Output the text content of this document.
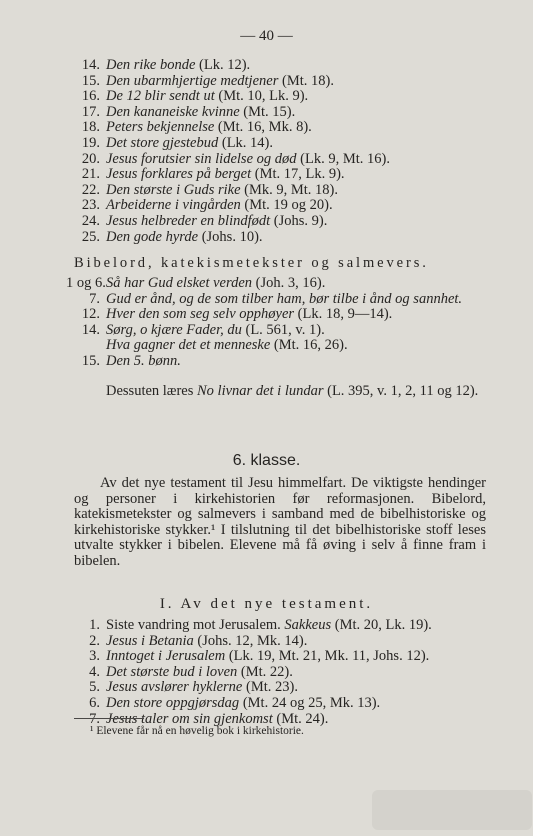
— 40 —
14. Den rike bonde (Lk. 12).
15. Den ubarmhjertige medtjener (Mt. 18).
16. De 12 blir sendt ut (Mt. 10, Lk. 9).
17. Den kananeiske kvinne (Mt. 15).
18. Peters bekjennelse (Mt. 16, Mk. 8).
19. Det store gjestebud (Lk. 14).
20. Jesus forutsier sin lidelse og død (Lk. 9, Mt. 16).
21. Jesus forklares på berget (Mt. 17, Lk. 9).
22. Den største i Guds rike (Mk. 9, Mt. 18).
23. Arbeiderne i vingården (Mt. 19 og 20).
24. Jesus helbreder en blindfødt (Johs. 9).
25. Den gode hyrde (Johs. 10).
Bibelord, katekismetekster og salmevers.
1 og 6. Så har Gud elsket verden (Joh. 3, 16).
7. Gud er ånd, og de som tilber ham, bør tilbe i ånd og sannhet.
12. Hver den som seg selv opphøyer (Lk. 18, 9—14).
14. Sørg, o kjære Fader, du (L. 561, v. 1).
Hva gagner det et menneske (Mt. 16, 26).
15. Den 5. bønn.
Dessuten læres No livnar det i lundar (L. 395, v. 1, 2, 11 og 12).
6. klasse.

Av det nye testament til Jesu himmelfart. De viktigste hendinger og personer i kirkehistorien før reformasjonen. Bibelord, katekismetekster og salmevers i samband med de bibelhistoriske og kirkehistoriske stykker.¹ I tilslutning til det bibelhistoriske stoff leses utvalte stykker i bibelen. Elevene må få øving i selv å finne fram i bibelen.

I. Av det nye testament.
1. Siste vandring mot Jerusalem. Sakkeus (Mt. 20, Lk. 19).
2. Jesus i Betania (Johs. 12, Mk. 14).
3. Inntoget i Jerusalem (Lk. 19, Mt. 21, Mk. 11, Johs. 12).
4. Det største bud i loven (Mt. 22).
5. Jesus avslører hyklerne (Mt. 23).
6. Den store oppgjørsdag (Mt. 24 og 25, Mk. 13).
7. Jesus taler om sin gjenkomst (Mt. 24).
¹ Elevene får nå en høvelig bok i kirkehistorie.
